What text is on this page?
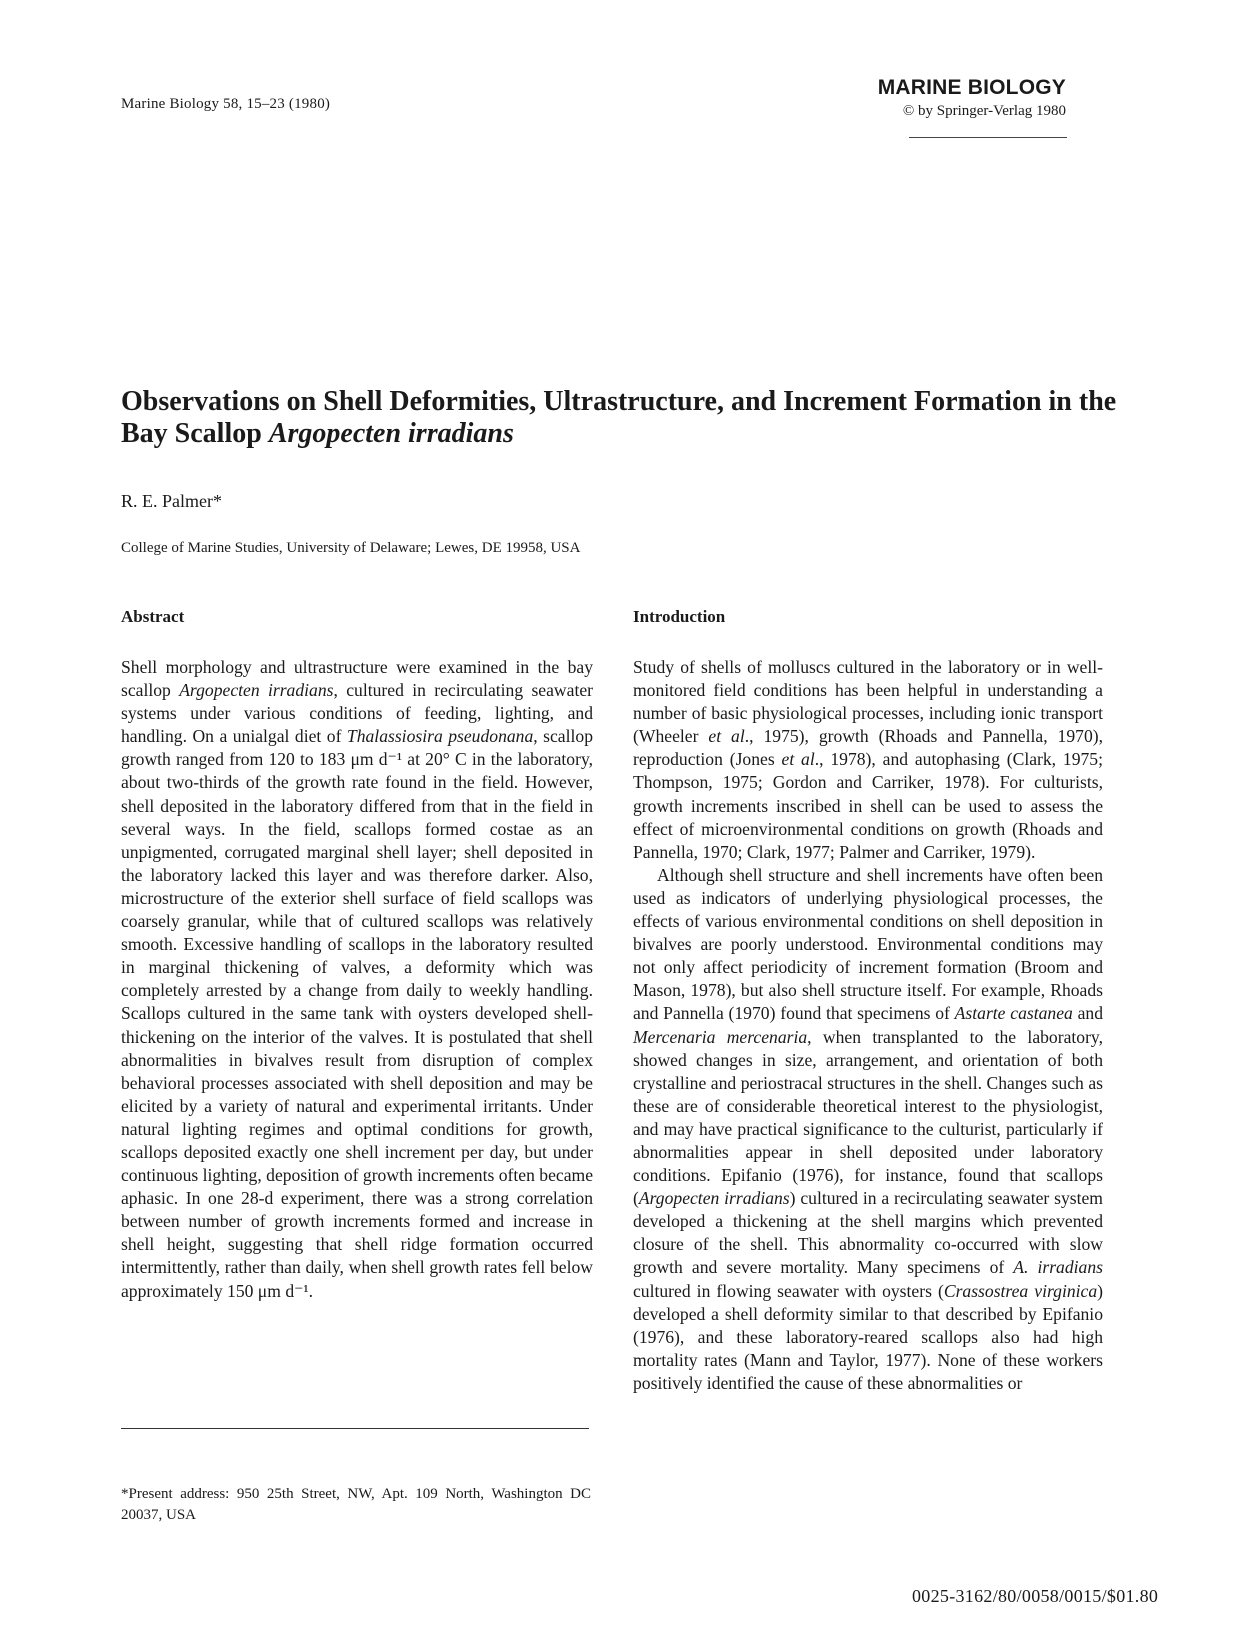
Marine Biology 58, 15–23 (1980)
MARINE BIOLOGY
© by Springer-Verlag 1980
Observations on Shell Deformities, Ultrastructure, and Increment Formation in the Bay Scallop Argopecten irradians
R. E. Palmer*
College of Marine Studies, University of Delaware; Lewes, DE 19958, USA
Abstract

Shell morphology and ultrastructure were examined in the bay scallop Argopecten irradians, cultured in recirculating seawater systems under various conditions of feeding, lighting, and handling. On a unialgal diet of Thalassiosira pseudonana, scallop growth ranged from 120 to 183 μm d⁻¹ at 20° C in the laboratory, about two-thirds of the growth rate found in the field. However, shell deposited in the laboratory differed from that in the field in several ways. In the field, scallops formed costae as an unpigmented, corrugated marginal shell layer; shell deposited in the laboratory lacked this layer and was therefore darker. Also, microstructure of the exterior shell surface of field scallops was coarsely granular, while that of cultured scallops was relatively smooth. Excessive handling of scallops in the laboratory resulted in marginal thickening of valves, a deformity which was completely arrested by a change from daily to weekly handling. Scallops cultured in the same tank with oysters developed shell-thickening on the interior of the valves. It is postulated that shell abnormalities in bivalves result from disruption of complex behavioral processes associated with shell deposition and may be elicited by a variety of natural and experimental irritants. Under natural lighting regimes and optimal conditions for growth, scallops deposited exactly one shell increment per day, but under continuous lighting, deposition of growth increments often became aphasic. In one 28-d experiment, there was a strong correlation between number of growth increments formed and increase in shell height, suggesting that shell ridge formation occurred intermittently, rather than daily, when shell growth rates fell below approximately 150 μm d⁻¹.

Introduction

Study of shells of molluscs cultured in the laboratory or in well-monitored field conditions has been helpful in understanding a number of basic physiological processes, including ionic transport (Wheeler et al., 1975), growth (Rhoads and Pannella, 1970), reproduction (Jones et al., 1978), and autophasing (Clark, 1975; Thompson, 1975; Gordon and Carriker, 1978). For culturists, growth increments inscribed in shell can be used to assess the effect of microenvironmental conditions on growth (Rhoads and Pannella, 1970; Clark, 1977; Palmer and Carriker, 1979).

Although shell structure and shell increments have often been used as indicators of underlying physiological processes, the effects of various environmental conditions on shell deposition in bivalves are poorly understood. Environmental conditions may not only affect periodicity of increment formation (Broom and Mason, 1978), but also shell structure itself. For example, Rhoads and Pannella (1970) found that specimens of Astarte castanea and Mercenaria mercenaria, when transplanted to the laboratory, showed changes in size, arrangement, and orientation of both crystalline and periostracal structures in the shell. Changes such as these are of considerable theoretical interest to the physiologist, and may have practical significance to the culturist, particularly if abnormalities appear in shell deposited under laboratory conditions. Epifanio (1976), for instance, found that scallops (Argopecten irradians) cultured in a recirculating seawater system developed a thickening at the shell margins which prevented closure of the shell. This abnormality co-occurred with slow growth and severe mortality. Many specimens of A. irradians cultured in flowing seawater with oysters (Crassostrea virginica) developed a shell deformity similar to that described by Epifanio (1976), and these laboratory-reared scallops also had high mortality rates (Mann and Taylor, 1977). None of these workers positively identified the cause of these abnormalities or

*Present address: 950 25th Street, NW, Apt. 109 North, Washington DC 20037, USA
0025-3162/80/0058/0015/$01.80
